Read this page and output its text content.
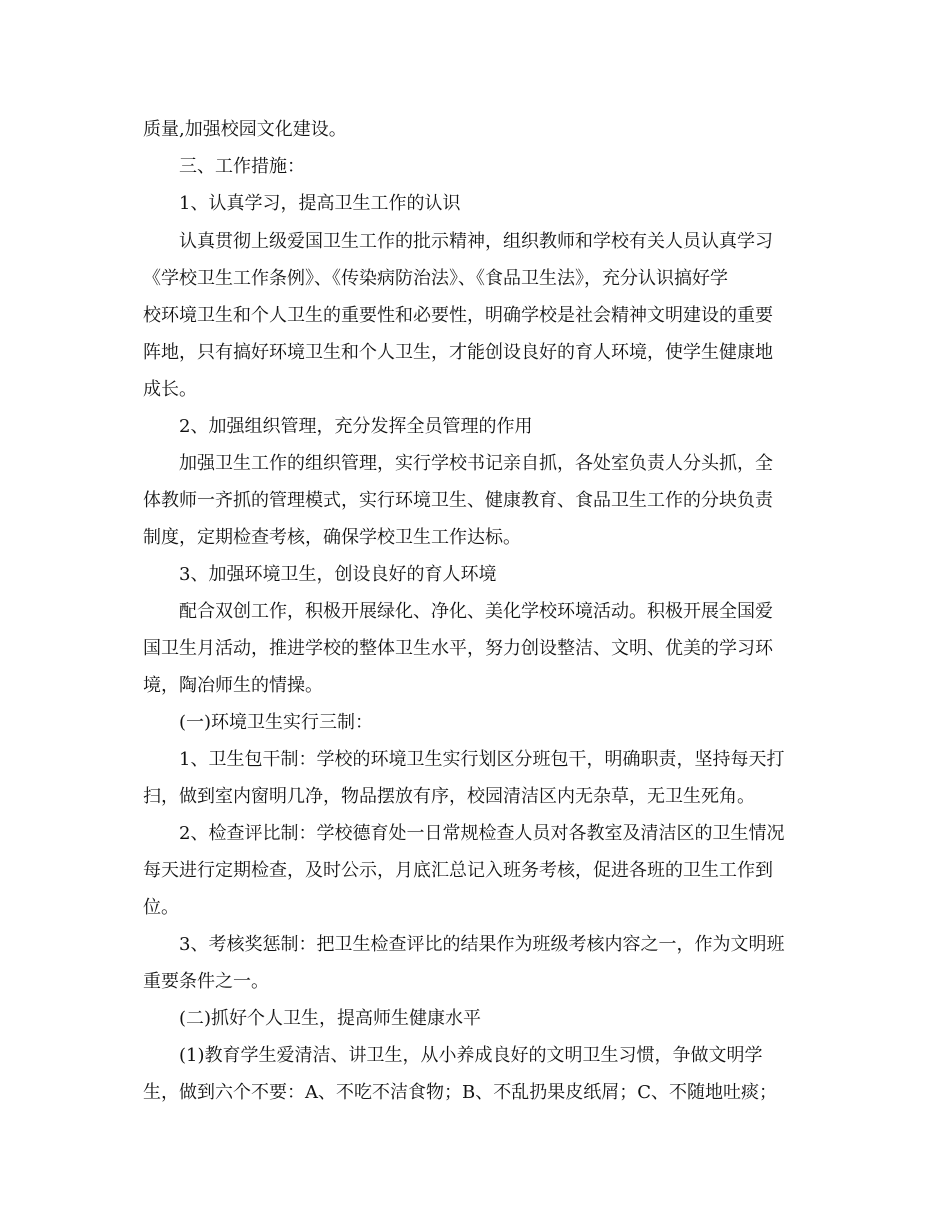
质量,加强校园文化建设。
三、工作措施：
1、认真学习，提高卫生工作的认识
认真贯彻上级爱国卫生工作的批示精神，组织教师和学校有关人员认真学习
《学校卫生工作条例》、《传染病防治法》、《食品卫生法》，充分认识搞好学
校环境卫生和个人卫生的重要性和必要性，明确学校是社会精神文明建设的重要
阵地，只有搞好环境卫生和个人卫生，才能创设良好的育人环境，使学生健康地
成长。
2、加强组织管理，充分发挥全员管理的作用
加强卫生工作的组织管理，实行学校书记亲自抓，各处室负责人分头抓，全
体教师一齐抓的管理模式，实行环境卫生、健康教育、食品卫生工作的分块负责
制度，定期检查考核，确保学校卫生工作达标。
3、加强环境卫生，创设良好的育人环境
配合双创工作，积极开展绿化、净化、美化学校环境活动。积极开展全国爱
国卫生月活动，推进学校的整体卫生水平，努力创设整洁、文明、优美的学习环
境，陶冶师生的情操。
(一)环境卫生实行三制：
1、卫生包干制：学校的环境卫生实行划区分班包干，明确职责，坚持每天打
扫，做到室内窗明几净，物品摆放有序，校园清洁区内无杂草，无卫生死角。
2、检查评比制：学校德育处一日常规检查人员对各教室及清洁区的卫生情况
每天进行定期检查，及时公示，月底汇总记入班务考核，促进各班的卫生工作到
位。
3、考核奖惩制：把卫生检查评比的结果作为班级考核内容之一，作为文明班
重要条件之一。
(二)抓好个人卫生，提高师生健康水平
(1)教育学生爱清洁、讲卫生，从小养成良好的文明卫生习惯，争做文明学
生，做到六个不要：A、不吃不洁食物；B、不乱扔果皮纸屑；C、不随地吐痰；
